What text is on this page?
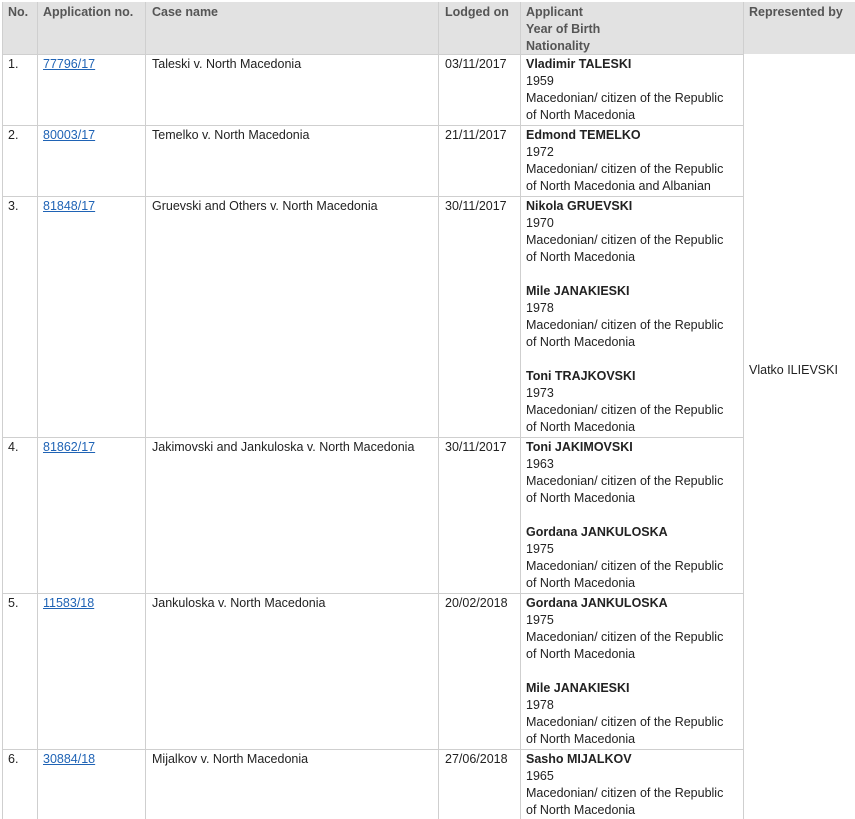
No. Application no. Case name	Lodged on Applicant
Year of Birth
Nationality
Represented by
1. 77796/17	Taleski v. North Macedonia	03/11/2017 Vladimir TALESKI
1959
Macedonian/ citizen of the Republic
of North Macedonia
2. 80003/17	Temelko v. North Macedonia	21/11/2017 Edmond TEMELKO
1972
Macedonian/ citizen of the Republic
of North Macedonia and Albanian
3. 81848/17	Gruevski and Others v. North Macedonia	30/11/2017 Nikola GRUEVSKI
1970
Macedonian/ citizen of the Republic
of North Macedonia
Mile JANAKIESKI
1978
Macedonian/ citizen of the Republic
of North Macedonia
Toni TRAJKOVSKI
1973
Macedonian/ citizen of the Republic
of North Macedonia
4. 81862/17	Jakimovski and Jankuloska v. North Macedonia 30/11/2017 Toni JAKIMOVSKI
1963
Macedonian/ citizen of the Republic
of North Macedonia
Gordana JANKULOSKA
1975
Macedonian/ citizen of the Republic
of North Macedonia
5. 11583/18	Jankuloska v. North Macedonia	20/02/2018 Gordana JANKULOSKA
1975
Macedonian/ citizen of the Republic
of North Macedonia
Mile JANAKIESKI
1978
Macedonian/ citizen of the Republic
of North Macedonia
6. 30884/18	Mijalkov v. North Macedonia	27/06/2018 Sasho MIJALKOV
1965
Macedonian/ citizen of the Republic
of North Macedonia
Vlatko ILIEVSKI
